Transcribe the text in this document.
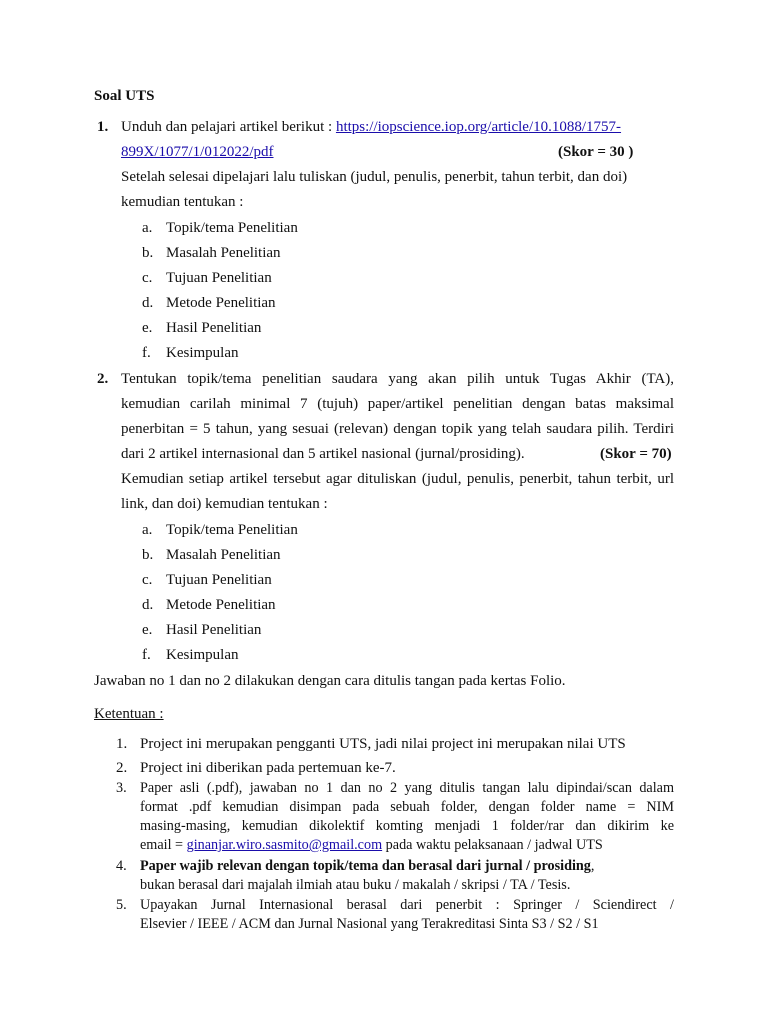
Soal UTS
1. Unduh dan pelajari artikel berikut : https://iopscience.iop.org/article/10.1088/1757-
899X/1077/1/012022/pdf	(Skor = 30 )
Setelah selesai dipelajari lalu tuliskan (judul, penulis, penerbit, tahun terbit, dan doi)
kemudian tentukan :
a. Topik/tema Penelitian
b. Masalah Penelitian
c. Tujuan Penelitian
d. Metode Penelitian
e. Hasil Penelitian
f. Kesimpulan
2. Tentukan topik/tema penelitian saudara yang akan pilih untuk Tugas Akhir (TA),
kemudian carilah minimal 7 (tujuh) paper/artikel penelitian dengan batas maksimal
penerbitan = 5 tahun, yang sesuai (relevan) dengan topik yang telah saudara pilih. Terdiri
dari 2 artikel internasional dan 5 artikel nasional (jurnal/prosiding).	(Skor = 70)
Kemudian setiap artikel tersebut agar dituliskan (judul, penulis, penerbit, tahun terbit, url
link, dan doi) kemudian tentukan :
a. Topik/tema Penelitian
b. Masalah Penelitian
c. Tujuan Penelitian
d. Metode Penelitian
e. Hasil Penelitian
f. Kesimpulan
Jawaban no 1 dan no 2 dilakukan dengan cara ditulis tangan pada kertas Folio.
Ketentuan :
1. Project ini merupakan pengganti UTS, jadi nilai project ini merupakan nilai UTS
2. Project ini diberikan pada pertemuan ke-7.
3. Paper asli (.pdf), jawaban no 1 dan no 2 yang ditulis tangan lalu dipindai/scan dalam
format .pdf kemudian disimpan pada sebuah folder, dengan folder name = NIM
masing-masing, kemudian dikolektif komting menjadi 1 folder/rar dan dikirim ke
email = ginanjar.wiro.sasmito@gmail.com pada waktu pelaksanaan / jadwal UTS
4. Paper wajib relevan dengan topik/tema dan berasal dari jurnal / prosiding,
bukan berasal dari majalah ilmiah atau buku / makalah / skripsi / TA / Tesis.
5. Upayakan Jurnal Internasional berasal dari penerbit : Springer / Sciendirect /
Elsevier / IEEE / ACM dan Jurnal Nasional yang Terakreditasi Sinta S3 / S2 / S1
